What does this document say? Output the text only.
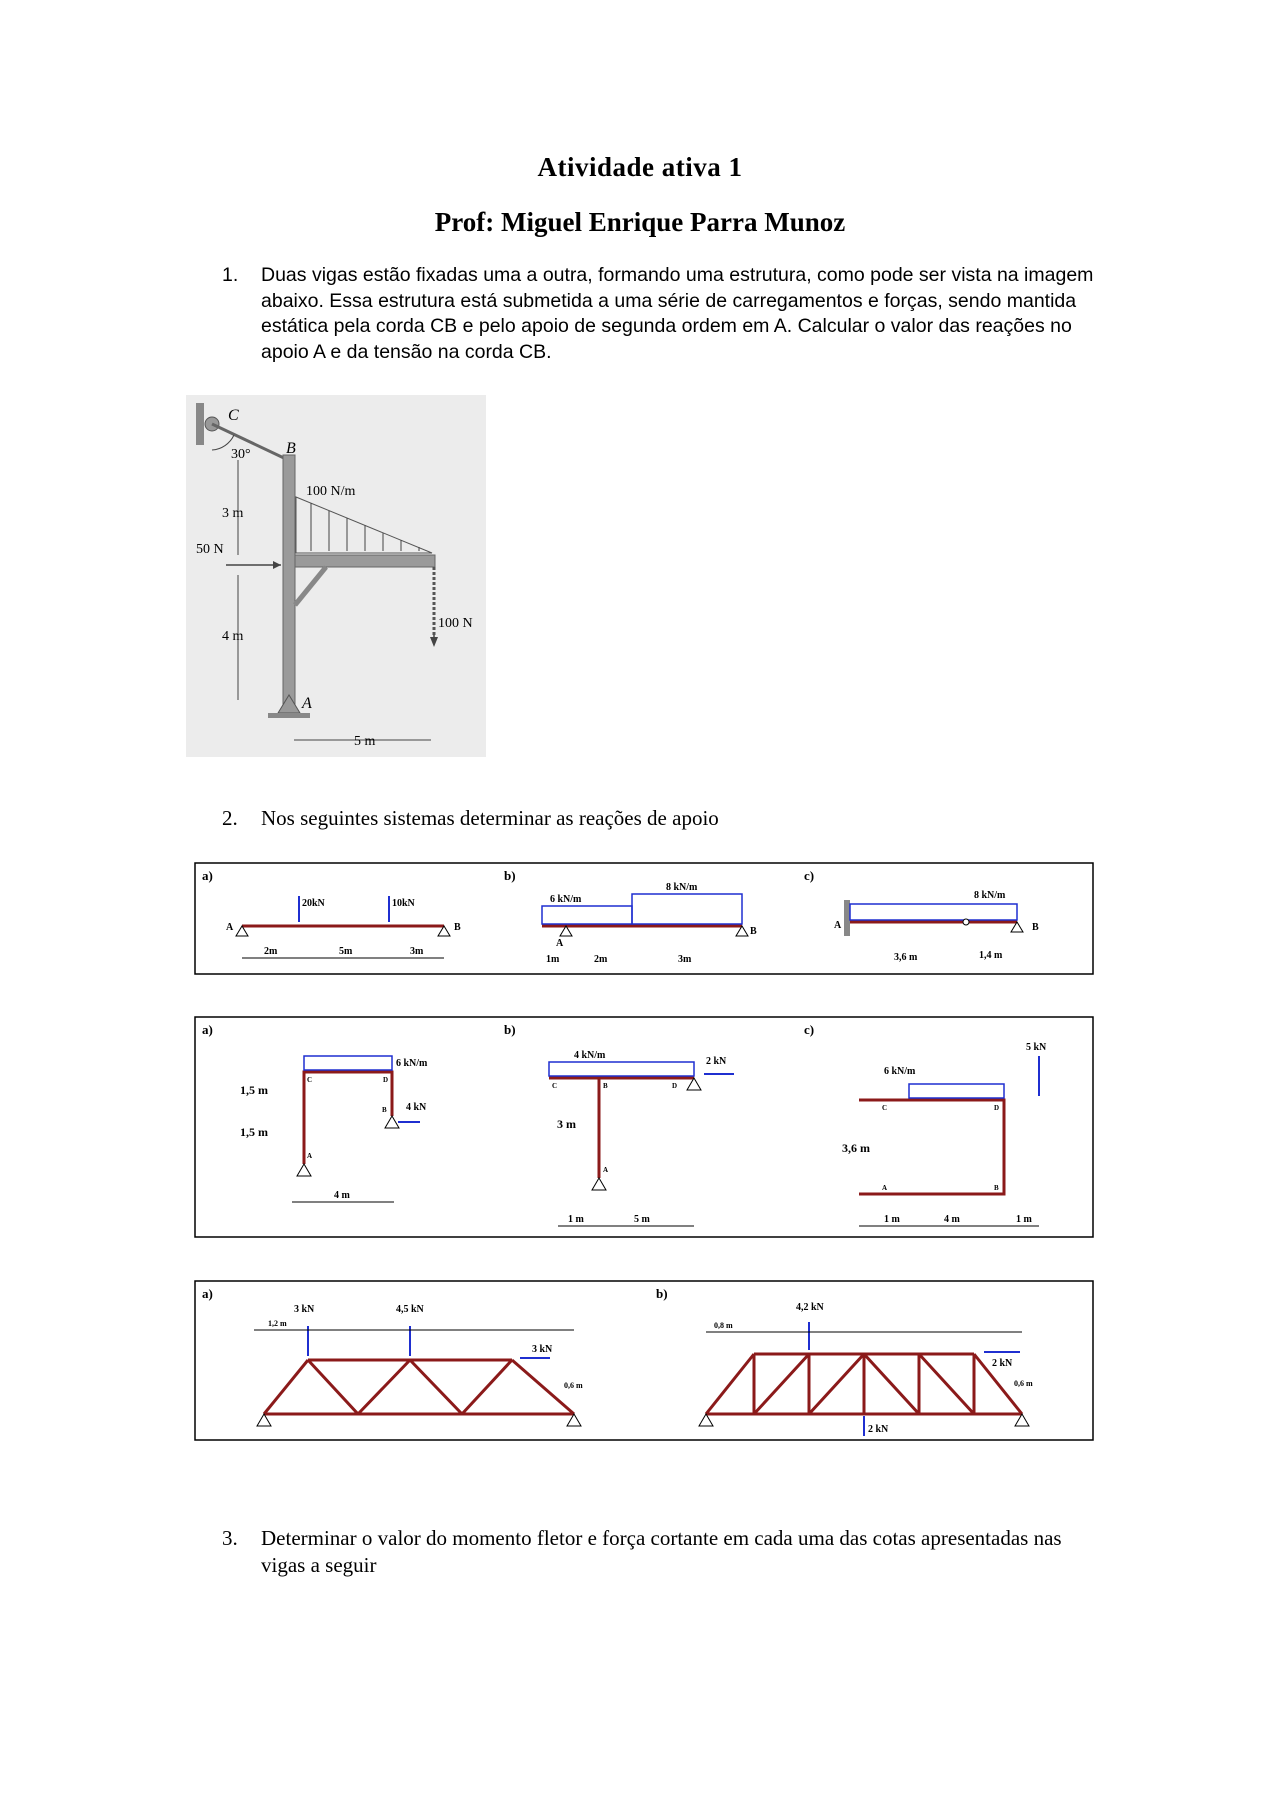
Atividade ativa 1
Prof: Miguel Enrique Parra Munoz
1. Duas vigas estão fixadas uma a outra, formando uma estrutura, como pode ser vista na imagem abaixo. Essa estrutura está submetida a uma série de carregamentos e forças, sendo mantida estática pela corda CB e pelo apoio de segunda ordem em A. Calcular o valor das reações no apoio A e da tensão na corda CB.
C
B
A
30°
100 N/m
3 m
50 N
4 m
100 N
5 m
2. Nos seguintes sistemas determinar as reações de apoio
a)	b)	c)
20kN	10kN
A	B
2m	5m	3m
6 kN/m
8 kN/m
A
B
1m	2m	3m
8 kN/m
A	B
3,6 m	1,4 m
a)	b)	c)
6 kN/m
4 kN
1,5 m
1,5 m
4 m
A
B
C	D
4 kN/m
2 kN
3 m
1 m	5 m
A
B
C	D
6 kN/m
5 kN
3,6 m
1 m	4 m	1 m
A	B
C	D
a)	b)
3 kN	4,5 kN
3 kN
1,2 m
0,6 m
4,2 kN
2 kN
2 kN
0,8 m
0,6 m
3. Determinar o valor do momento fletor e força cortante em cada uma das cotas apresentadas nas vigas a seguir
